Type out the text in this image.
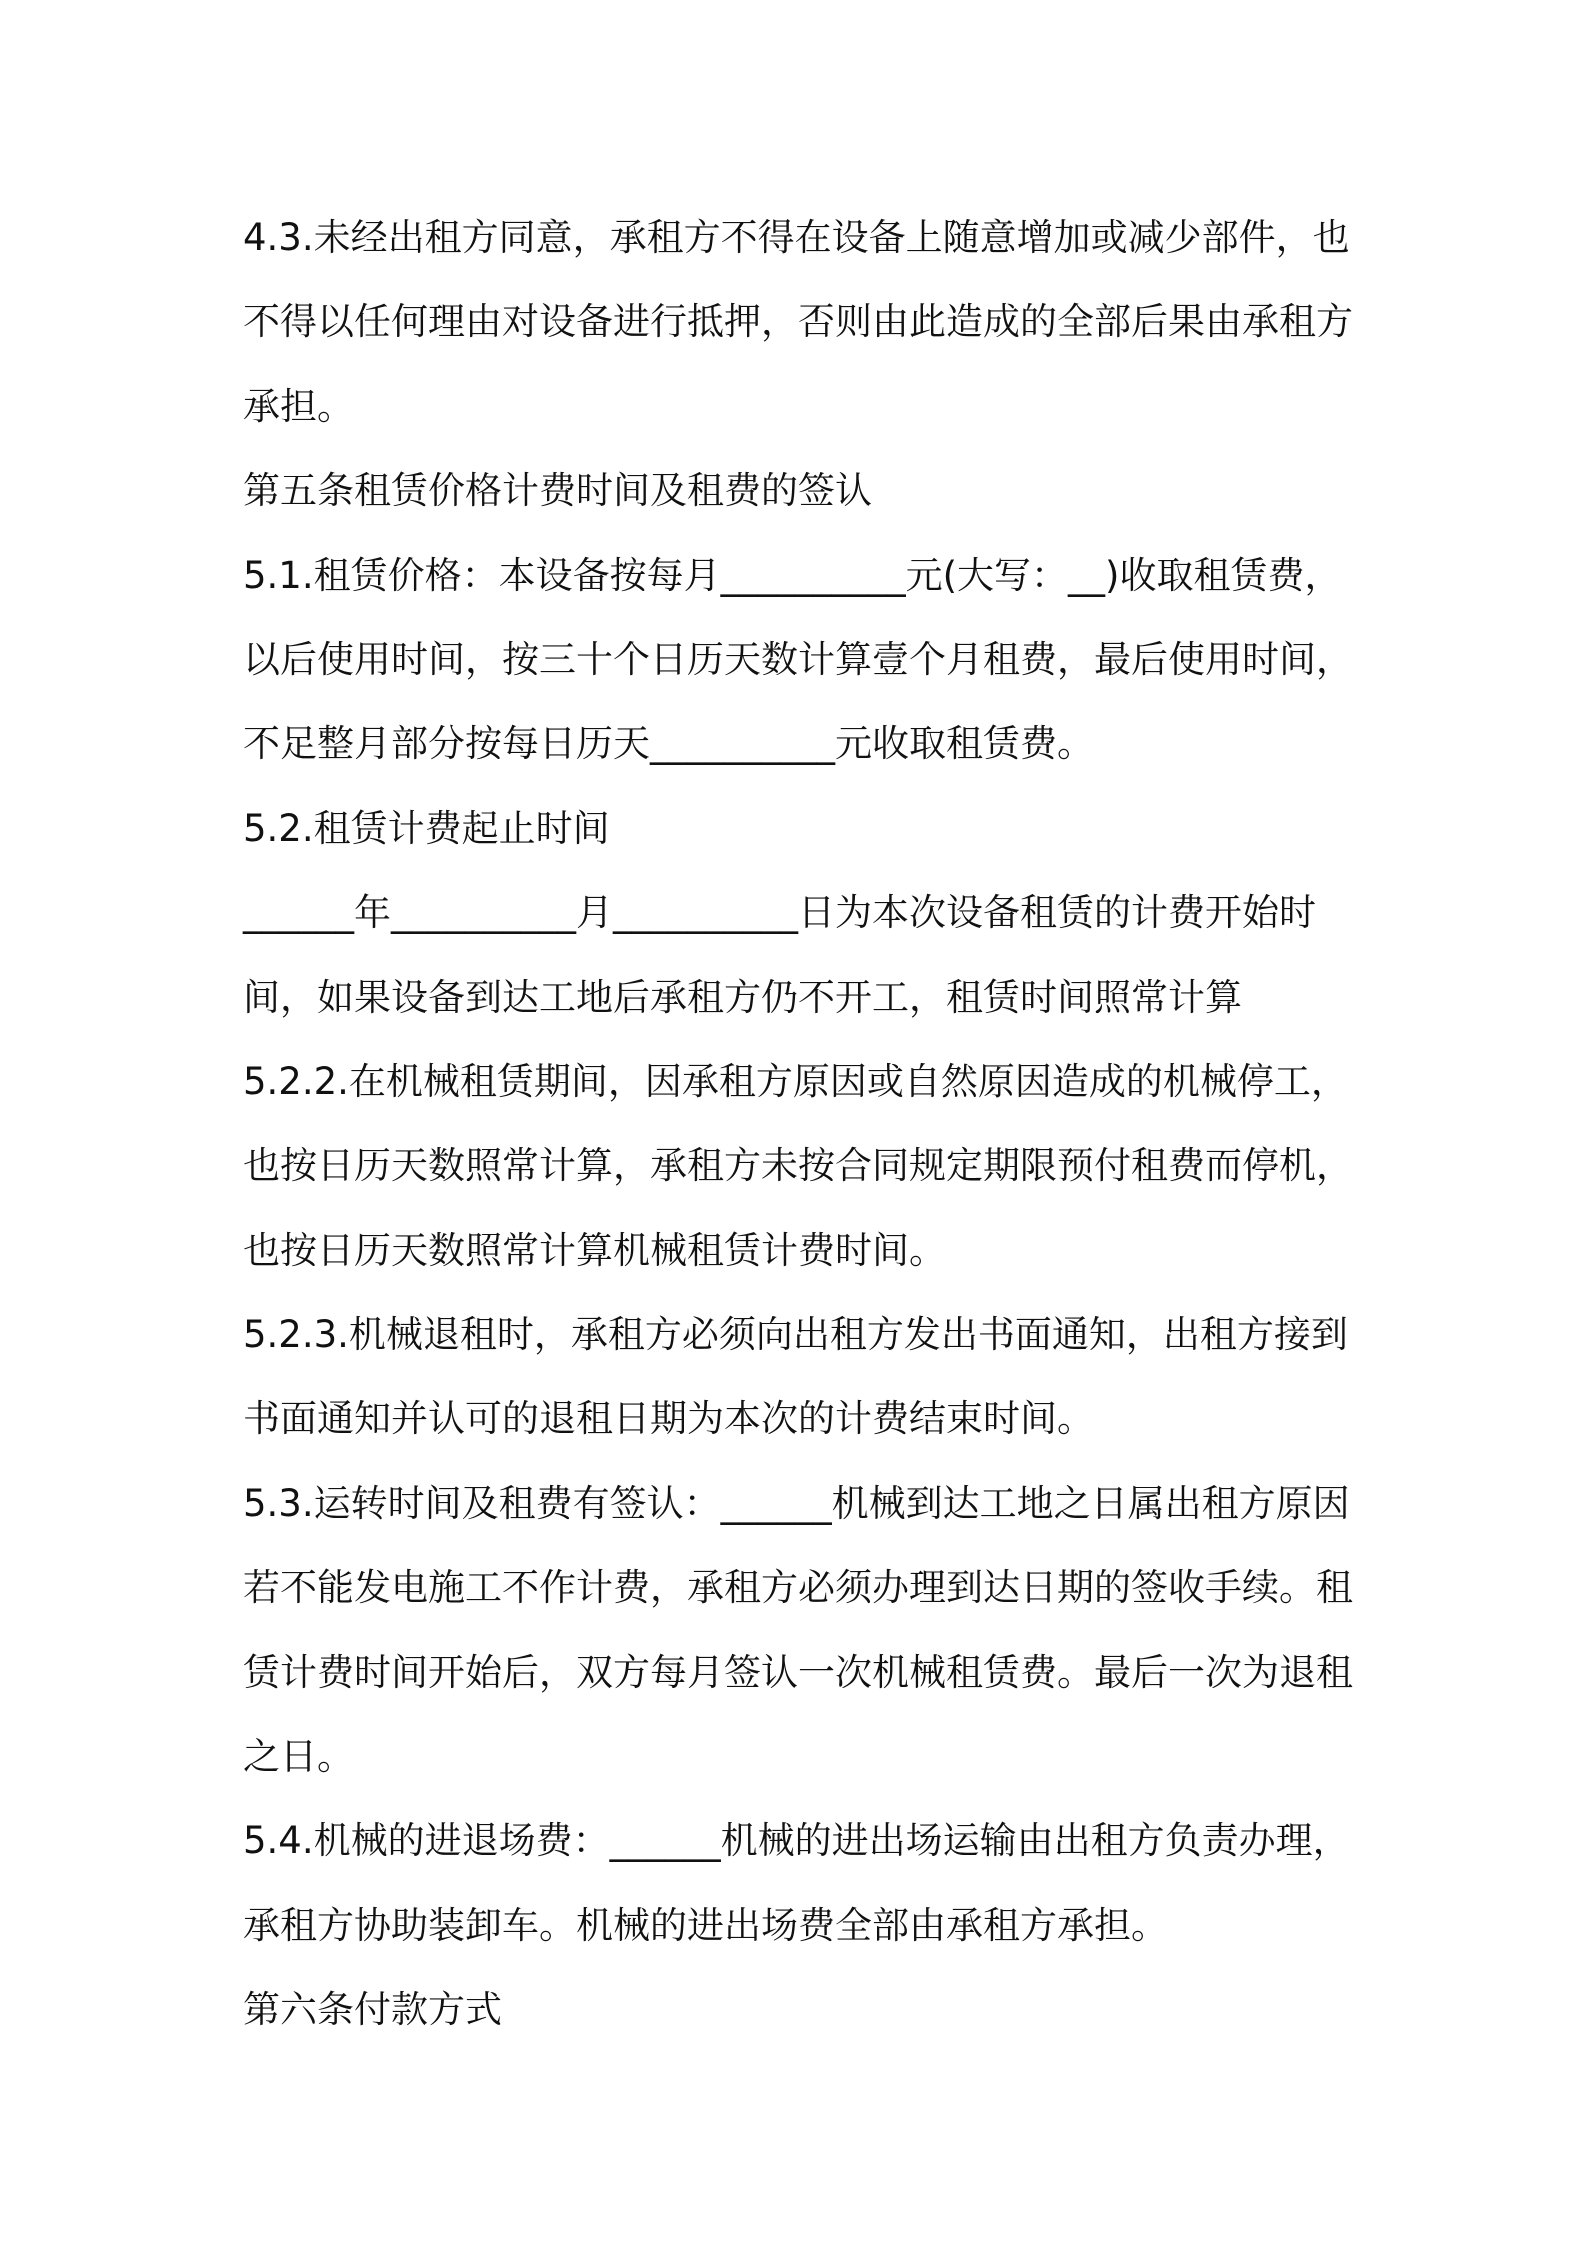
4.3.未经出租方同意，承租方不得在设备上随意增加或减少部件，也
不得以任何理由对设备进行抵押，否则由此造成的全部后果由承租方
承担。
第五条租赁价格计费时间及租费的签认
5.1.租赁价格：本设备按每月__________元(大写：__)收取租赁费，
以后使用时间，按三十个日历天数计算壹个月租费，最后使用时间，
不足整月部分按每日历天__________元收取租赁费。
5.2.租赁计费起止时间
______年__________月__________日为本次设备租赁的计费开始时
间，如果设备到达工地后承租方仍不开工，租赁时间照常计算
5.2.2.在机械租赁期间，因承租方原因或自然原因造成的机械停工，
也按日历天数照常计算，承租方未按合同规定期限预付租费而停机，
也按日历天数照常计算机械租赁计费时间。
5.2.3.机械退租时，承租方必须向出租方发出书面通知，出租方接到
书面通知并认可的退租日期为本次的计费结束时间。
5.3.运转时间及租费有签认：______机械到达工地之日属出租方原因
若不能发电施工不作计费，承租方必须办理到达日期的签收手续。租
赁计费时间开始后，双方每月签认一次机械租赁费。最后一次为退租
之日。
5.4.机械的进退场费：______机械的进出场运输由出租方负责办理，
承租方协助装卸车。机械的进出场费全部由承租方承担。
第六条付款方式
